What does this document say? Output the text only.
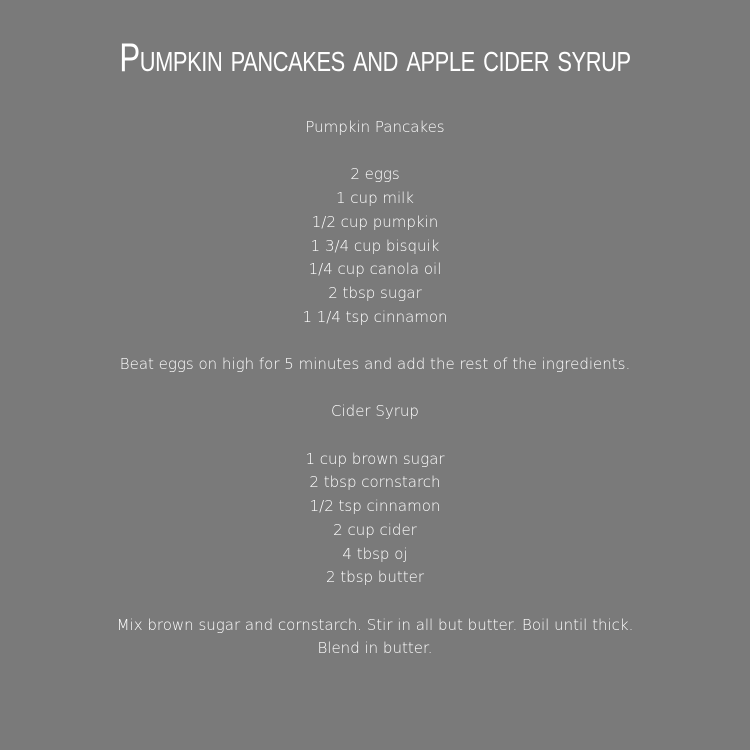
Pumpkin pancakes and apple cider syrup
Pumpkin Pancakes
2 eggs
1 cup milk
1/2 cup pumpkin
1 3/4 cup bisquik
1/4 cup canola oil
2 tbsp sugar
1 1/4 tsp cinnamon
Beat eggs on high for 5 minutes and add the rest of the ingredients.
Cider Syrup
1 cup brown sugar
2 tbsp cornstarch
1/2 tsp cinnamon
2 cup cider
4 tbsp oj
2 tbsp butter
Mix brown sugar and cornstarch. Stir in all but butter. Boil until thick.
Blend in butter.
